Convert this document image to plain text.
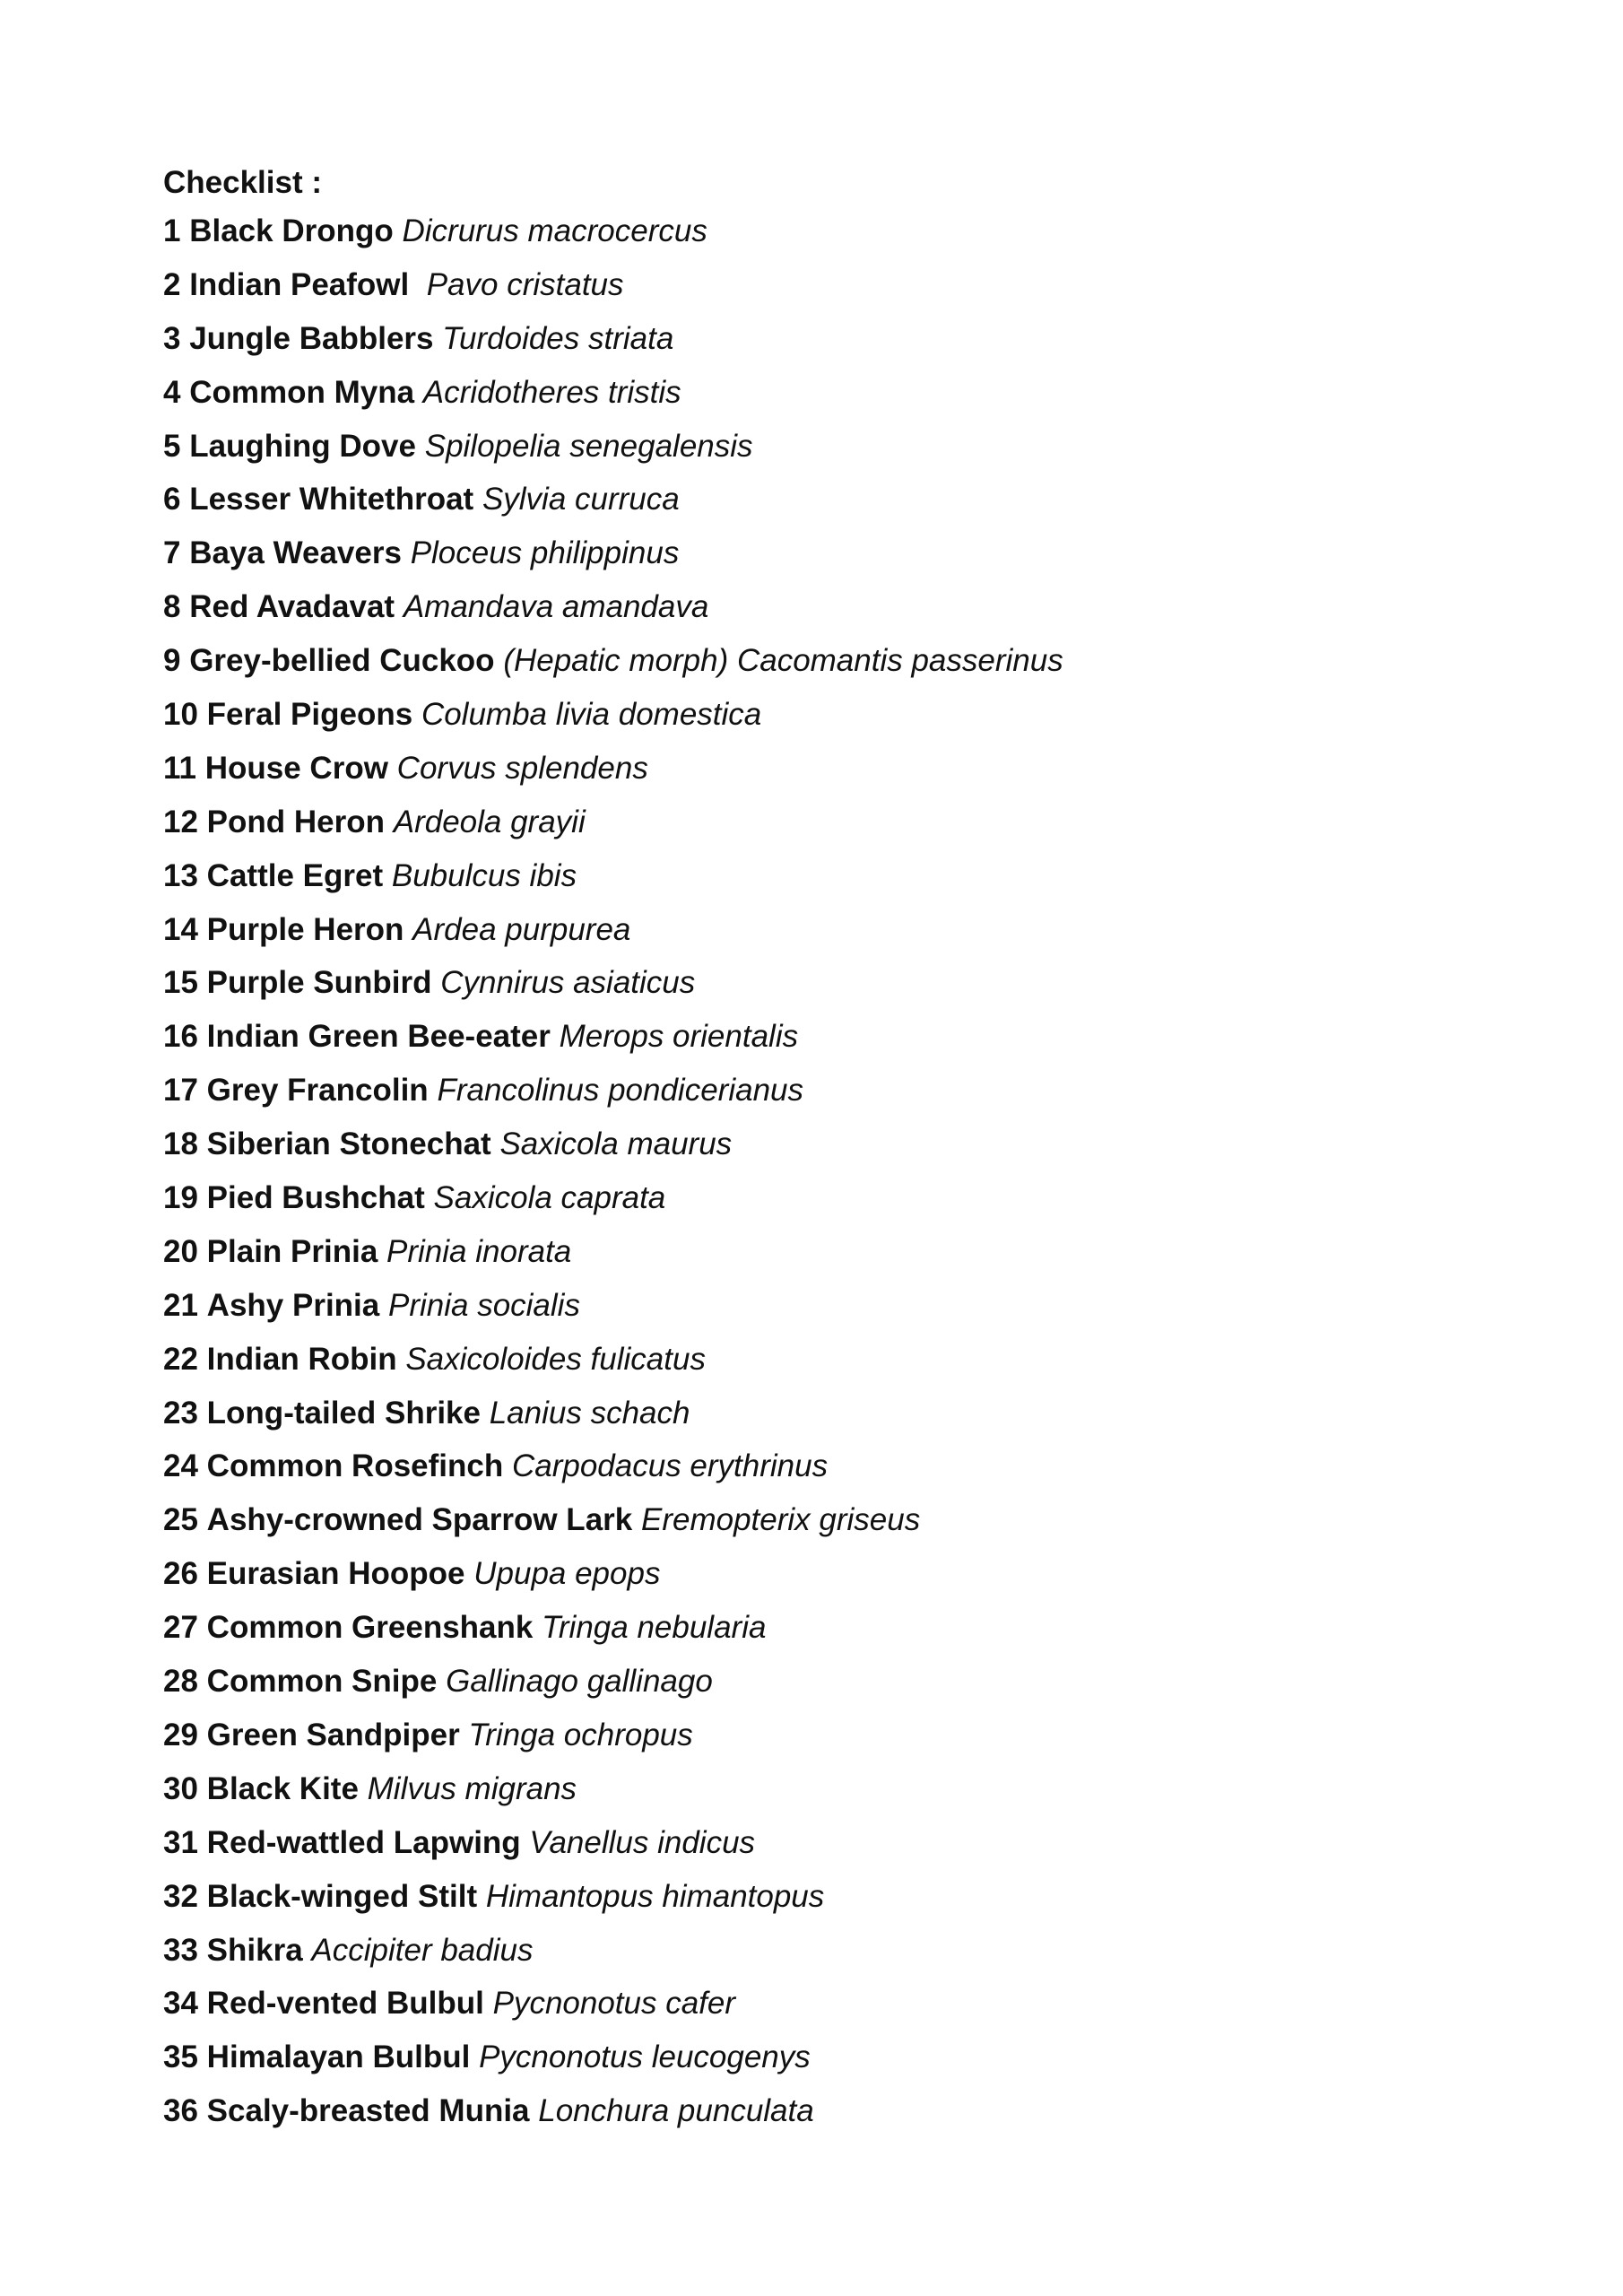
Checklist :
1 Black Drongo Dicrurus macrocercus
2 Indian Peafowl  Pavo cristatus
3 Jungle Babblers Turdoides striata
4 Common Myna Acridotheres tristis
5 Laughing Dove Spilopelia senegalensis
6 Lesser Whitethroat Sylvia curruca
7 Baya Weavers Ploceus philippinus
8 Red Avadavat Amandava amandava
9 Grey-bellied Cuckoo (Hepatic morph) Cacomantis passerinus
10 Feral Pigeons Columba livia domestica
11 House Crow Corvus splendens
12 Pond Heron Ardeola grayii
13 Cattle Egret Bubulcus ibis
14 Purple Heron Ardea purpurea
15 Purple Sunbird Cynnirus asiaticus
16 Indian Green Bee-eater Merops orientalis
17 Grey Francolin Francolinus pondicerianus
18 Siberian Stonechat Saxicola maurus
19 Pied Bushchat Saxicola caprata
20 Plain Prinia Prinia inorata
21 Ashy Prinia Prinia socialis
22 Indian Robin Saxicoloides fulicatus
23 Long-tailed Shrike Lanius schach
24 Common Rosefinch Carpodacus erythrinus
25 Ashy-crowned Sparrow Lark Eremopterix griseus
26 Eurasian Hoopoe Upupa epops
27 Common Greenshank Tringa nebularia
28 Common Snipe Gallinago gallinago
29 Green Sandpiper Tringa ochropus
30 Black Kite Milvus migrans
31 Red-wattled Lapwing Vanellus indicus
32 Black-winged Stilt Himantopus himantopus
33 Shikra Accipiter badius
34 Red-vented Bulbul Pycnonotus cafer
35 Himalayan Bulbul Pycnonotus leucogenys
36 Scaly-breasted Munia Lonchura punculata
